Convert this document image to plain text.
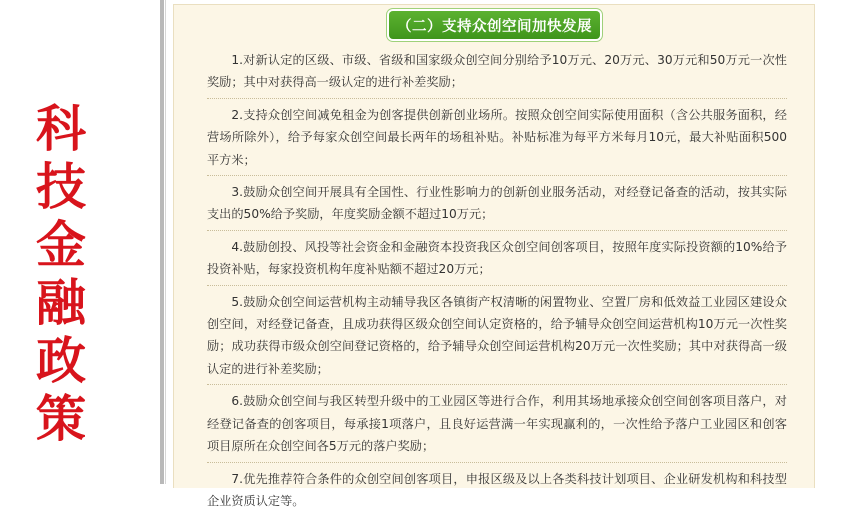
科
技
金
融
政
策
（二）支持众创空间加快发展
1.对新认定的区级、市级、省级和国家级众创空间分别给予10万元、20万元、30万元和50万元一次性奖励；其中对获得高一级认定的进行补差奖励；
2.支持众创空间减免租金为创客提供创新创业场所。按照众创空间实际使用面积（含公共服务面积，经营场所除外），给予每家众创空间最长两年的场租补贴。补贴标准为每平方米每月10元，最大补贴面积500平方米；
3.鼓励众创空间开展具有全国性、行业性影响力的创新创业服务活动，对经登记备查的活动，按其实际支出的50%给予奖励，年度奖励金额不超过10万元；
4.鼓励创投、风投等社会资金和金融资本投资我区众创空间创客项目，按照年度实际投资额的10%给予投资补贴，每家投资机构年度补贴额不超过20万元；
5.鼓励众创空间运营机构主动辅导我区各镇街产权清晰的闲置物业、空置厂房和低效益工业园区建设众创空间，对经登记备查，且成功获得区级众创空间认定资格的，给予辅导众创空间运营机构10万元一次性奖励；成功获得市级众创空间登记资格的，给予辅导众创空间运营机构20万元一次性奖励；其中对获得高一级认定的进行补差奖励；
6.鼓励众创空间与我区转型升级中的工业园区等进行合作，利用其场地承接众创空间创客项目落户，对经登记备查的创客项目，每承接1项落户，且良好运营满一年实现赢利的，一次性给予落户工业园区和创客项目原所在众创空间各5万元的落户奖励；
7.优先推荐符合条件的众创空间创客项目，申报区级及以上各类科技计划项目、企业研发机构和科技型企业资质认定等。
